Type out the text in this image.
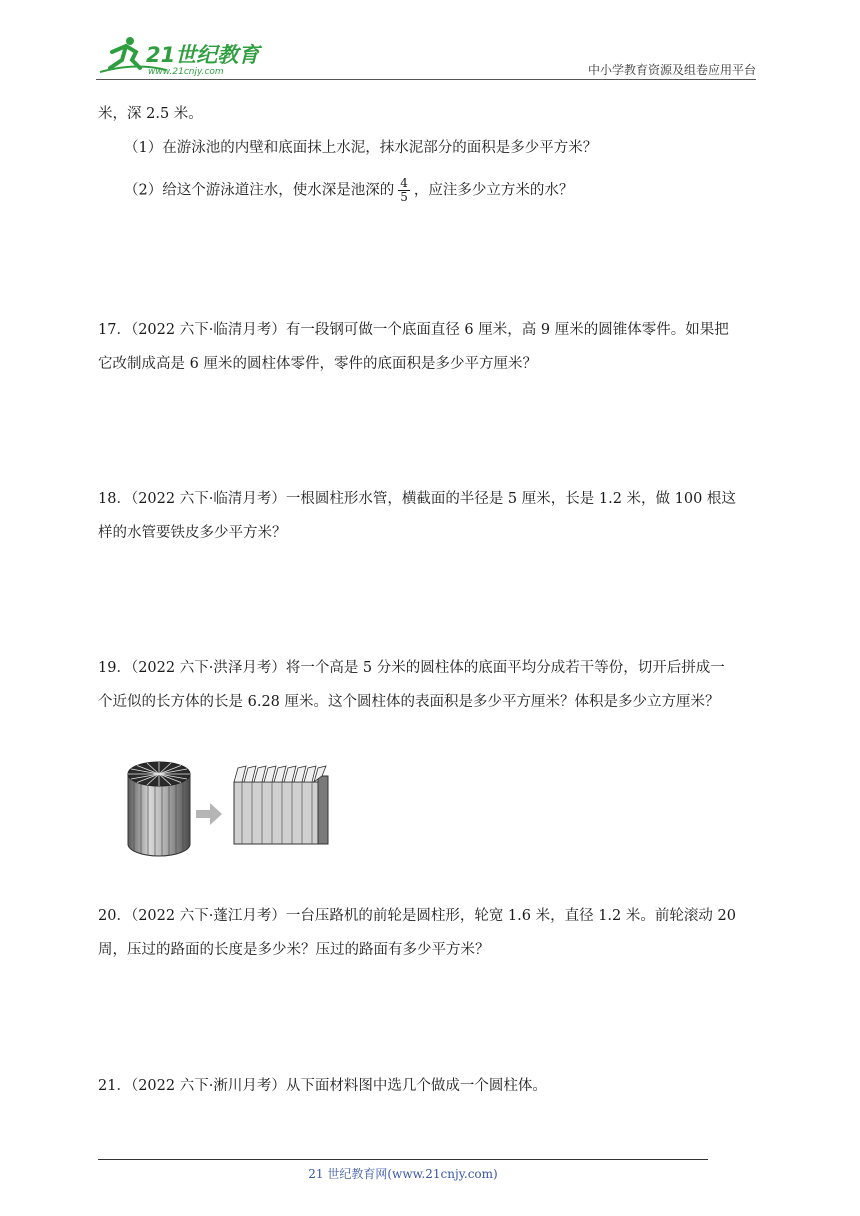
21世纪教育
www.21cnjy.com	中小学教育资源及组卷应用平台
米，深 2.5 米。
（1）在游泳池的内壁和底面抹上水泥，抹水泥部分的面积是多少平方米？
（2）给这个游泳道注水，使水深是池深的 $\frac{4}{5}$ ，应注多少立方米的水？
17．（2022 六下·临清月考）有一段钢可做一个底面直径 6 厘米，高 9 厘米的圆锥体零件。如果把
它改制成高是 6 厘米的圆柱体零件，零件的底面积是多少平方厘米？
18．（2022 六下·临清月考）一根圆柱形水管，横截面的半径是 5 厘米，长是 1.2 米，做 100 根这
样的水管要铁皮多少平方米？
19．（2022 六下·洪泽月考）将一个高是 5 分米的圆柱体的底面平均分成若干等份，切开后拼成一
个近似的长方体的长是 6.28 厘米。这个圆柱体的表面积是多少平方厘米？体积是多少立方厘米？
20．（2022 六下·蓬江月考）一台压路机的前轮是圆柱形，轮宽 1.6 米，直径 1.2 米。前轮滚动 20
周，压过的路面的长度是多少米？压过的路面有多少平方米？
21．（2022 六下·淅川月考）从下面材料图中选几个做成一个圆柱体。
21 世纪教育网(www.21cnjy.com)
